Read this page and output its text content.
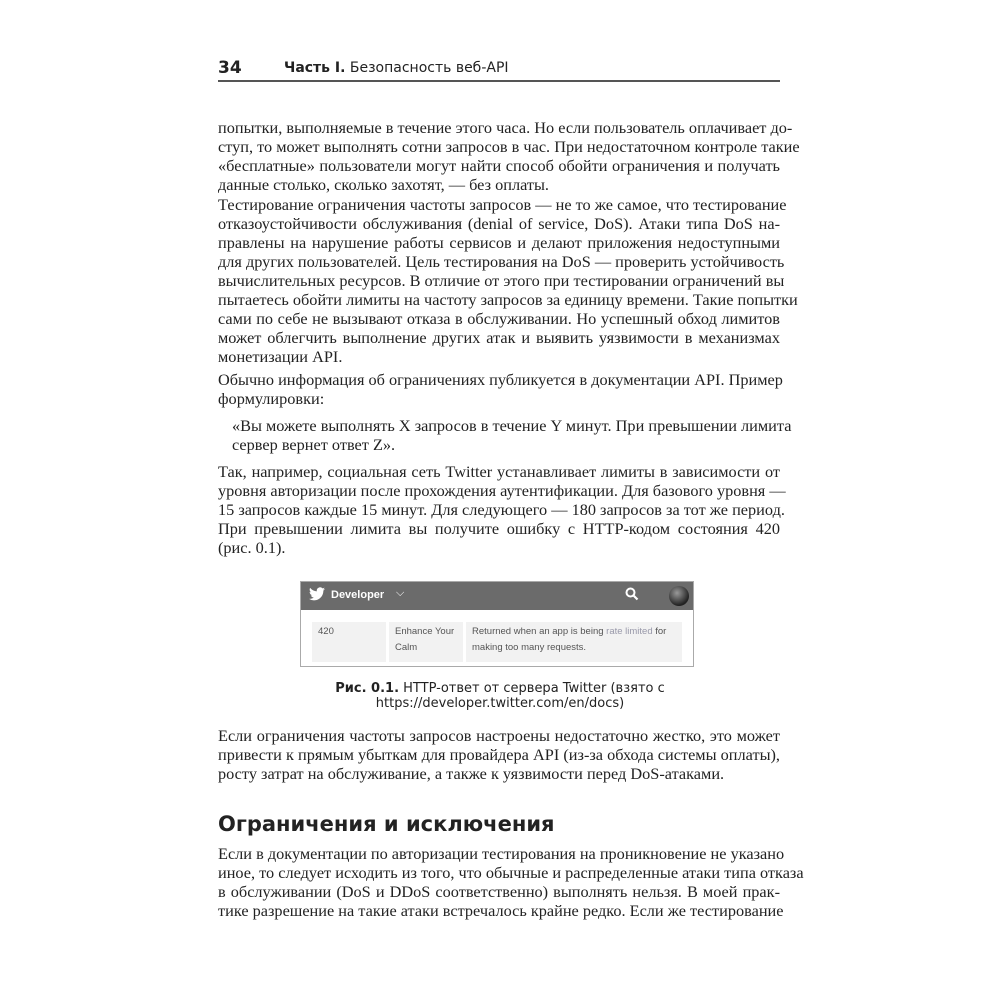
34	Часть I. Безопасность веб-API
попытки, выполняемые в течение этого часа. Но если пользователь оплачивает до-
ступ, то может выполнять сотни запросов в час. При недостаточном контроле такие
«бесплатные» пользователи могут найти способ обойти ограничения и получать
данные столько, сколько захотят, — без оплаты.
Тестирование ограничения частоты запросов — не то же самое, что тестирование
отказоустойчивости обслуживания (denial of service, DoS). Атаки типа DoS на-
правлены на нарушение работы сервисов и делают приложения недоступными
для других пользователей. Цель тестирования на DoS — проверить устойчивость
вычислительных ресурсов. В отличие от этого при тестировании ограничений вы
пытаетесь обойти лимиты на частоту запросов за единицу времени. Такие попытки
сами по себе не вызывают отказа в обслуживании. Но успешный обход лимитов
может облегчить выполнение других атак и выявить уязвимости в механизмах
монетизации API.
Обычно информация об ограничениях публикуется в документации API. Пример
формулировки:
«Вы можете выполнять X запросов в течение Y минут. При превышении лимита
сервер вернет ответ Z».
Так, например, социальная сеть Twitter устанавливает лимиты в зависимости от
уровня авторизации после прохождения аутентификации. Для базового уровня —
15 запросов каждые 15 минут. Для следующего — 180 запросов за тот же период.
При превышении лимита вы получите ошибку с HTTP-кодом состояния 420
(рис. 0.1).
Developer ⌵
420	Enhance Your Calm
Returned when an app is being rate limited for making too many requests.
Рис. 0.1. HTTP-ответ от сервера Twitter (взято с https://developer.twitter.com/en/docs)
Если ограничения частоты запросов настроены недостаточно жестко, это может
привести к прямым убыткам для провайдера API (из-за обхода системы оплаты),
росту затрат на обслуживание, а также к уязвимости перед DoS-атаками.
Ограничения и исключения
Если в документации по авторизации тестирования на проникновение не указано
иное, то следует исходить из того, что обычные и распределенные атаки типа отказа
в обслуживании (DoS и DDoS соответственно) выполнять нельзя. В моей прак-
тике разрешение на такие атаки встречалось крайне редко. Если же тестирование
